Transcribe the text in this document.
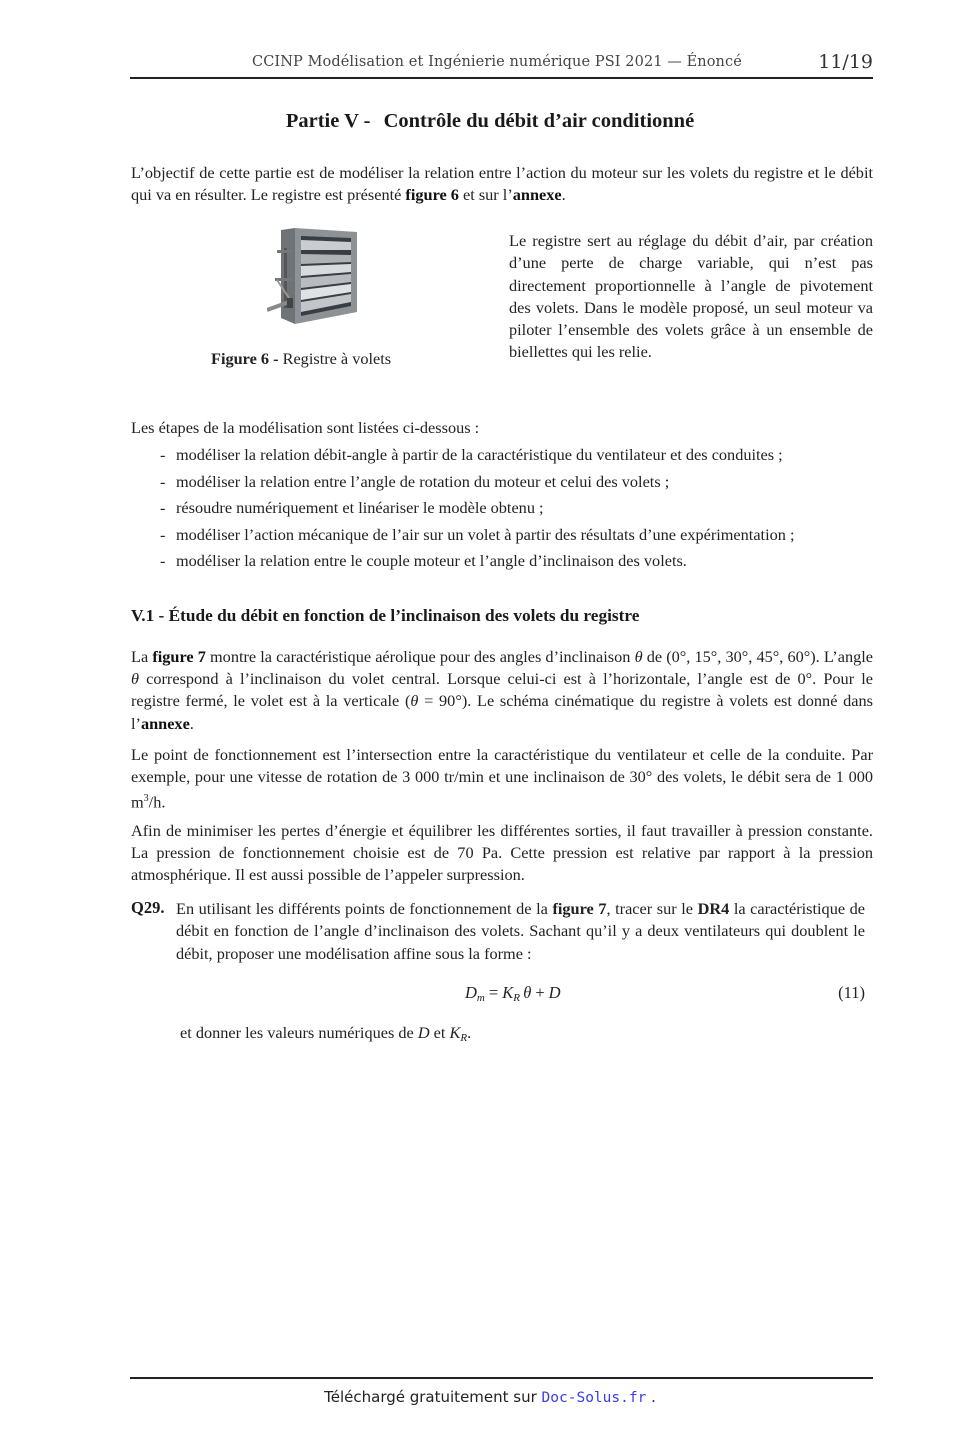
CCINP Modélisation et Ingénierie numérique PSI 2021 — Énoncé	11/19
Partie V - Contrôle du débit d’air conditionné
L’objectif de cette partie est de modéliser la relation entre l’action du moteur sur les volets du registre et le débit qui va en résulter. Le registre est présenté figure 6 et sur l’annexe.
Figure 6 - Registre à volets
Le registre sert au réglage du débit d’air, par création d’une perte de charge variable, qui n’est pas directement proportionnelle à l’angle de pivotement des volets. Dans le modèle proposé, un seul moteur va piloter l’ensemble des volets grâce à un ensemble de biellettes qui les relie.
Les étapes de la modélisation sont listées ci-dessous :
- modéliser la relation débit-angle à partir de la caractéristique du ventilateur et des conduites ;
- modéliser la relation entre l’angle de rotation du moteur et celui des volets ;
- résoudre numériquement et linéariser le modèle obtenu ;
- modéliser l’action mécanique de l’air sur un volet à partir des résultats d’une expérimentation ;
- modéliser la relation entre le couple moteur et l’angle d’inclinaison des volets.
V.1 - Étude du débit en fonction de l’inclinaison des volets du registre
La figure 7 montre la caractéristique aérolique pour des angles d’inclinaison θ de (0°, 15°, 30°, 45°, 60°). L’angle θ correspond à l’inclinaison du volet central. Lorsque celui-ci est à l’horizontale, l’angle est de 0°. Pour le registre fermé, le volet est à la verticale (θ = 90°). Le schéma cinématique du registre à volets est donné dans l’annexe.
Le point de fonctionnement est l’intersection entre la caractéristique du ventilateur et celle de la conduite. Par exemple, pour une vitesse de rotation de 3 000 tr/min et une inclinaison de 30° des volets, le débit sera de 1 000 $m^3/h$.
Afin de minimiser les pertes d’énergie et équilibrer les différentes sorties, il faut travailler à pression constante. La pression de fonctionnement choisie est de 70 Pa. Cette pression est relative par rapport à la pression atmosphérique. Il est aussi possible de l’appeler surpression.
Q29. En utilisant les différents points de fonctionnement de la figure 7, tracer sur le DR4 la caractéristique de débit en fonction de l’angle d’inclinaison des volets. Sachant qu’il y a deux ventilateurs qui doublent le débit, proposer une modélisation affine sous la forme :
$D_m = K_R$  θ + D	(11)
et donner les valeurs numériques de D et $K_R$.
Téléchargé gratuitement sur Doc-Solus.fr .
